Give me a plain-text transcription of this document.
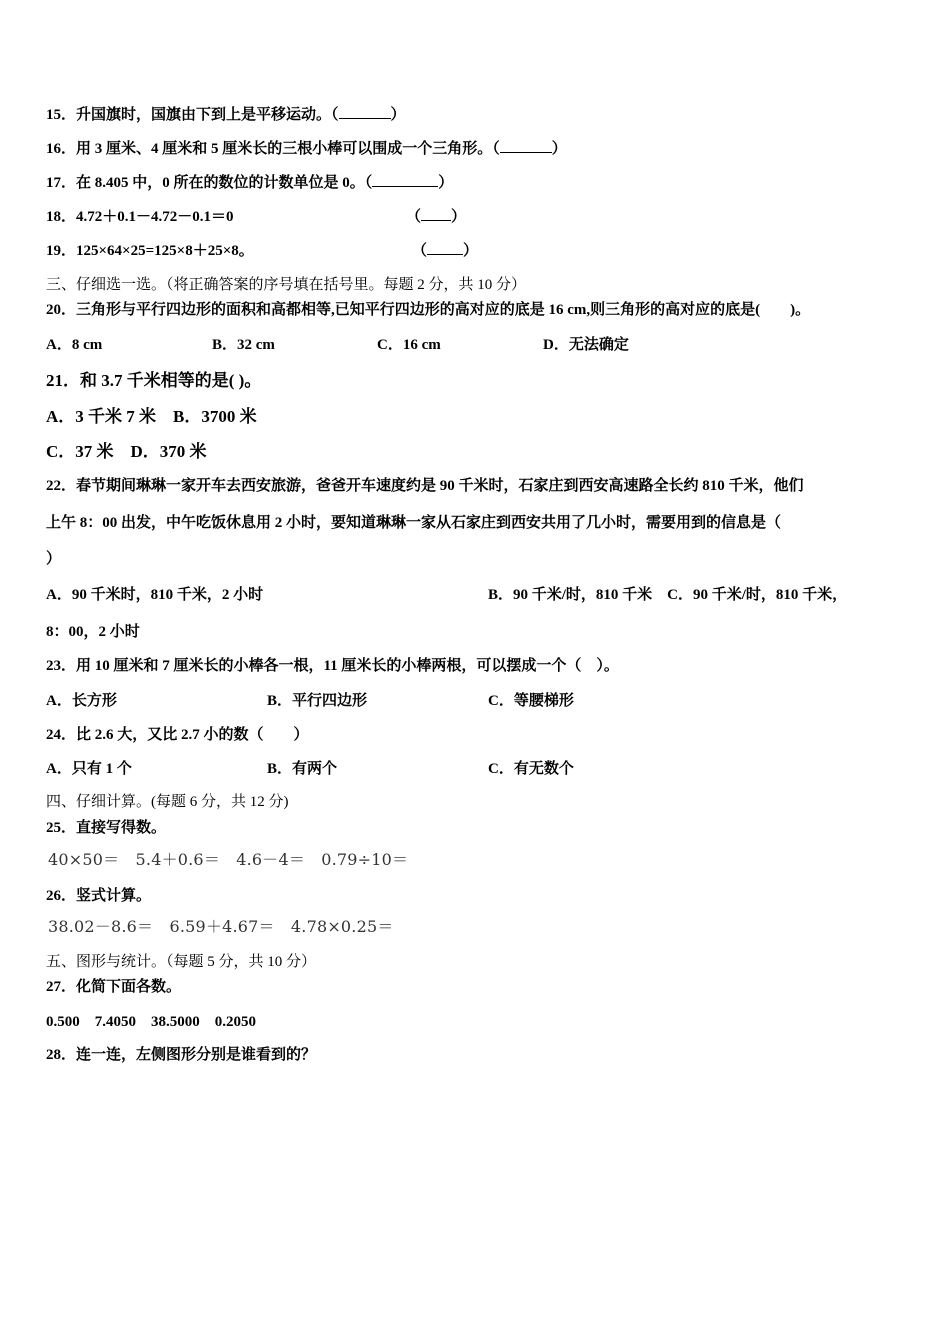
15．升国旗时，国旗由下到上是平移运动。（	）
16．用 3 厘米、4 厘米和 5 厘米长的三根小棒可以围成一个三角形。（	）
17．在 8.405 中，0 所在的数位的计数单位是 0。（	）
18．4.72＋0.1－4.72－0.1＝0	（ ）
19．125×64×25=125×8＋25×8。	（ ）
三、仔细选一选。（将正确答案的序号填在括号里。每题 2 分，共 10 分）
20．三角形与平行四边形的面积和高都相等,已知平行四边形的高对应的底是 16 cm,则三角形的高对应的底是(　　)。
A．8 cm	B．32 cm	C．16 cm	D．无法确定
21．和 3.7 千米相等的是( )。
A．3 千米 7 米　B．3700 米
C．37 米　D．370 米
22．春节期间琳琳一家开车去西安旅游，爸爸开车速度约是 90 千米时，石家庄到西安高速路全长约 810 千米，他们
上午 8：00 出发，中午吃饭休息用 2 小时，要知道琳琳一家从石家庄到西安共用了几小时，需要用到的信息是（
）
A．90 千米时，810 千米，2 小时	B．90 千米/时，810 千米　C．90 千米/时，810 千米，
8：00，2 小时
23．用 10 厘米和 7 厘米长的小棒各一根，11 厘米长的小棒两根，可以摆成一个（　）。
A．长方形	B．平行四边形	C．等腰梯形
24．比 2.6 大，又比 2.7 小的数（　　）
A．只有 1 个	B．有两个	C．有无数个
四、仔细计算。(每题 6 分，共 12 分)
25．直接写得数。
40×50＝　5.4＋0.6＝　4.6－4＝　0.79÷10＝
26．竖式计算。
38.02－8.6＝　6.59＋4.67＝　4.78×0.25＝
五、图形与统计。（每题 5 分，共 10 分）
27．化简下面各数。
0.500　7.4050　38.5000　0.2050
28．连一连，左侧图形分别是谁看到的？
